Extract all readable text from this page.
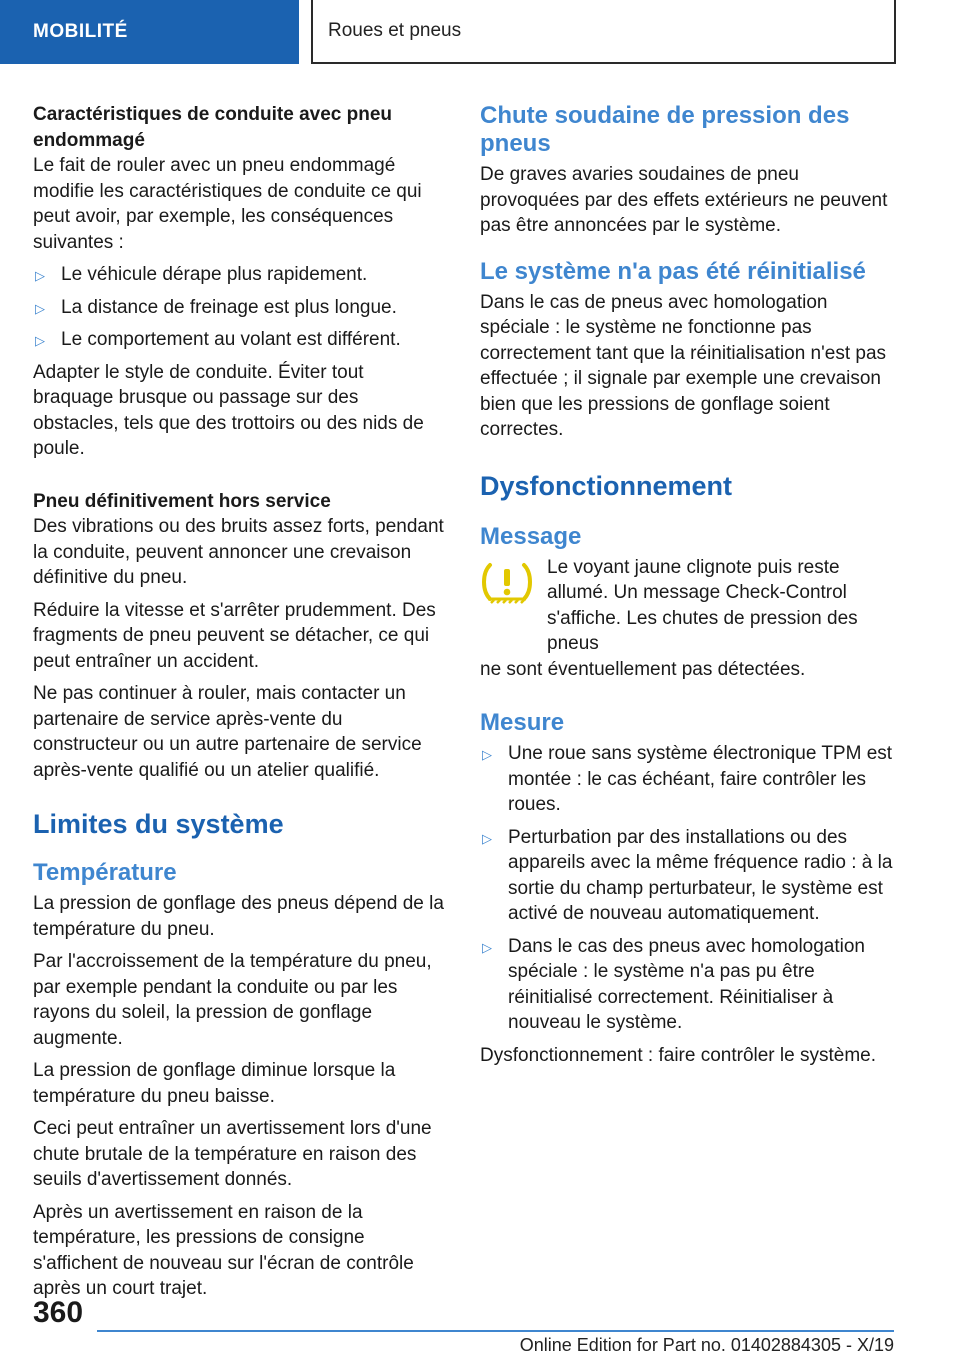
MOBILITÉ	Roues et pneus

Caractéristiques de conduite avec pneu endommagé

Le fait de rouler avec un pneu endommagé modifie les caractéristiques de conduite ce qui peut avoir, par exemple, les conséquences suivantes :

▷ Le véhicule dérape plus rapidement.
▷ La distance de freinage est plus longue.
▷ Le comportement au volant est différent.

Adapter le style de conduite. Éviter tout braquage brusque ou passage sur des obstacles, tels que des trottoirs ou des nids de poule.

Pneu définitivement hors service

Des vibrations ou des bruits assez forts, pendant la conduite, peuvent annoncer une crevaison définitive du pneu.

Réduire la vitesse et s'arrêter prudemment. Des fragments de pneu peuvent se détacher, ce qui peut entraîner un accident.

Ne pas continuer à rouler, mais contacter un partenaire de service après-vente du constructeur ou un autre partenaire de service après-vente qualifié ou un atelier qualifié.

Limites du système
Température

La pression de gonflage des pneus dépend de la température du pneu.

Par l'accroissement de la température du pneu, par exemple pendant la conduite ou par les rayons du soleil, la pression de gonflage augmente.

La pression de gonflage diminue lorsque la température du pneu baisse.

Ceci peut entraîner un avertissement lors d'une chute brutale de la température en raison des seuils d'avertissement donnés.

Après un avertissement en raison de la température, les pressions de consigne s'affichent de nouveau sur l'écran de contrôle après un court trajet.

Chute soudaine de pression des pneus

De graves avaries soudaines de pneu provoquées par des effets extérieurs ne peuvent pas être annoncées par le système.

Le système n'a pas été réinitialisé

Dans le cas de pneus avec homologation spéciale : le système ne fonctionne pas correctement tant que la réinitialisation n'est pas effectuée ; il signale par exemple une crevaison bien que les pressions de gonflage soient correctes.

Dysfonctionnement
Message

Le voyant jaune clignote puis reste allumé. Un message Check-Control s'affiche. Les chutes de pression des pneus

ne sont éventuellement pas détectées.

Mesure
▷ Une roue sans système électronique TPM est montée : le cas échéant, faire contrôler les roues.
▷ Perturbation par des installations ou des appareils avec la même fréquence radio : à la sortie du champ perturbateur, le système est activé de nouveau automatiquement.
▷ Dans le cas des pneus avec homologation spéciale : le système n'a pas pu être réinitialisé correctement. Réinitialiser à nouveau le système.

Dysfonctionnement : faire contrôler le système.

360
Online Edition for Part no. 01402884305 - X/19
